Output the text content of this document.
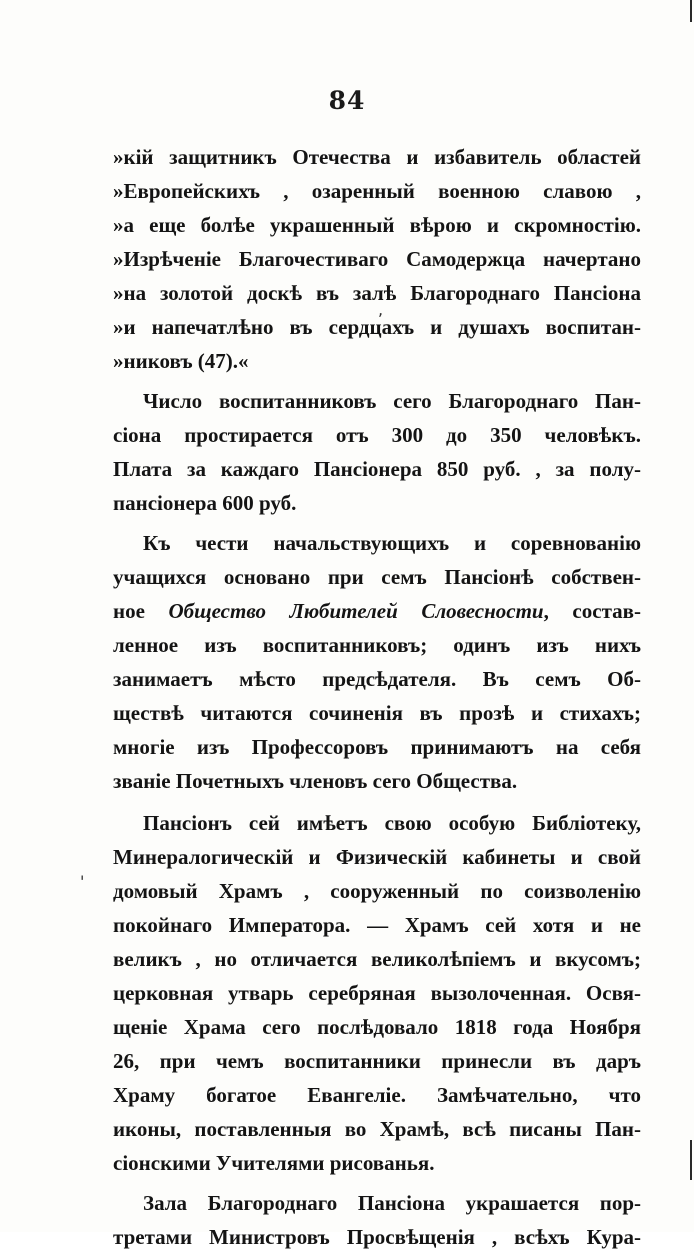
84
»кій защитникъ Отечества и избавитель областей
»Европейскихъ , озаренный военною славою ,
»а еще болѣе украшенный вѣрою и скромностію.
»Изрѣченіе Благочестиваго Самодержца начертано
»на золотой доскѣ въ залѣ Благороднаго Пансіона
»и напечатлѣно въ сердцахъ и душахъ воспитан-
»никовъ (47).«
Число воспитанниковъ сего Благороднаго Пан-
сіона простирается отъ 300 до 350 человѣкъ.
Плата за каждаго Пансіонера 850 руб. , за полу-
пансіонера 600 руб.
Къ чести начальствующихъ и соревнованію
учащихся основано при семъ Пансіонѣ собствен-
ное Общество Любителей Словесности, состав-
ленное изъ воспитанниковъ; одинъ изъ нихъ
занимаетъ мѣсто предсѣдателя. Въ семъ Об-
ществѣ читаются сочиненія въ прозѣ и стихахъ;
многіе изъ Профессоровъ принимаютъ на себя
званіе Почетныхъ членовъ сего Общества.
Пансіонъ сей имѣетъ свою особую Библіотеку,
Минералогическій и Физическій кабинеты и свой
домовый Храмъ , сооруженный по соизволенію
покойнаго Императора. — Храмъ сей хотя и не
великъ , но отличается великолѣпіемъ и вкусомъ;
церковная утварь серебряная вызолоченная. Освя-
щеніе Храма сего послѣдовало 1818 года Ноября
26, при чемъ воспитанники принесли въ даръ
Храму богатое Евангеліе. Замѣчательно, что
иконы, поставленныя во Храмѣ, всѣ писаны Пан-
сіонскими Учителями рисованья.
Зала Благороднаго Пансіона украшается пор-
третами Министровъ Просвѣщенія , всѣхъ Кура-
,
'
